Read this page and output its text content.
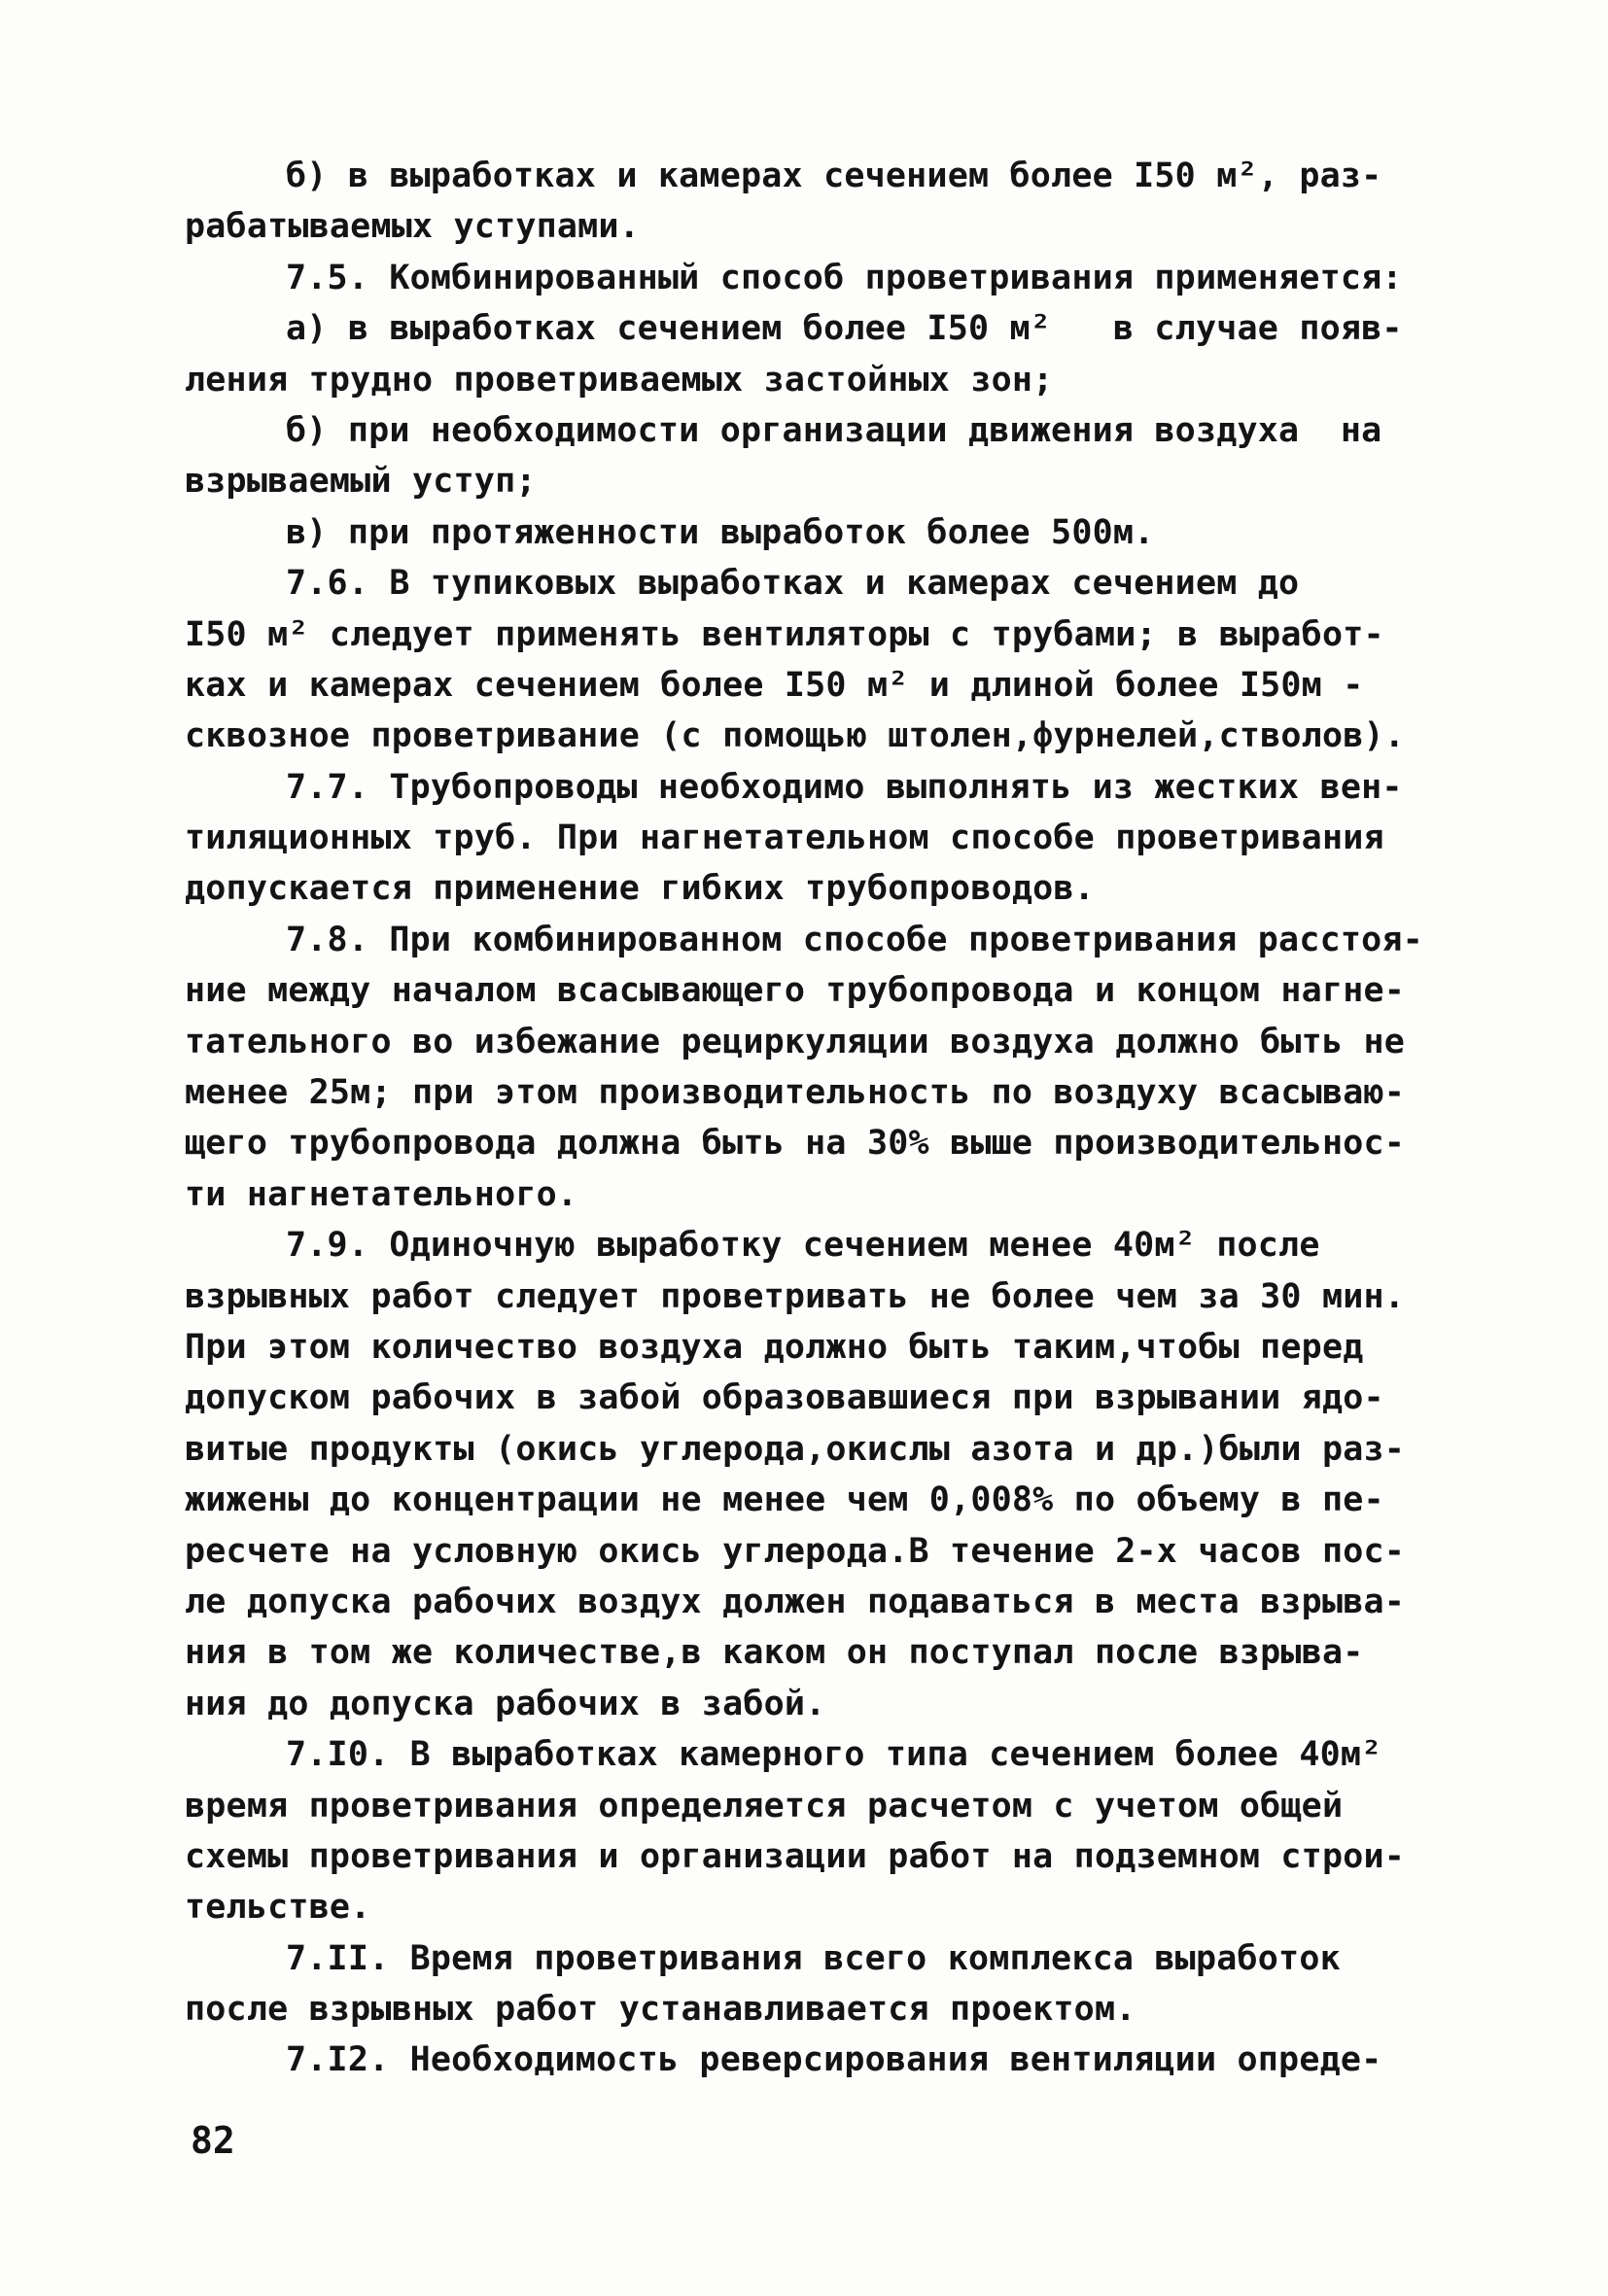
б) в выработках и камерах сечением более I50 м², раз-
рабатываемых уступами.
7.5. Комбинированный способ проветривания применяется:
а) в выработках сечением более I50 м²   в случае появ-
ления трудно проветриваемых застойных зон;
б) при необходимости организации движения воздуха  на
взрываемый уступ;
в) при протяженности выработок более 500м.
7.6. В тупиковых выработках и камерах сечением до
I50 м² следует применять вентиляторы с трубами; в выработ-
ках и камерах сечением более I50 м² и длиной более I50м -
сквозное проветривание (с помощью штолен,фурнелей,стволов).
7.7. Трубопроводы необходимо выполнять из жестких вен-
тиляционных труб. При нагнетательном способе проветривания
допускается применение гибких трубопроводов.
7.8. При комбинированном способе проветривания расстоя-
ние между началом всасывающего трубопровода и концом нагне-
тательного во избежание рециркуляции воздуха должно быть не
менее 25м; при этом производительность по воздуху всасываю-
щего трубопровода должна быть на 30% выше производительнос-
ти нагнетательного.
7.9. Одиночную выработку сечением менее 40м² после
взрывных работ следует проветривать не более чем за 30 мин.
При этом количество воздуха должно быть таким,чтобы перед
допуском рабочих в забой образовавшиеся при взрывании ядо-
витые продукты (окись углерода,окислы азота и др.)были раз-
жижены до концентрации не менее чем 0,008% по объему в пе-
ресчете на условную окись углерода.В течение 2-х часов пос-
ле допуска рабочих воздух должен подаваться в места взрыва-
ния в том же количестве,в каком он поступал после взрыва-
ния до допуска рабочих в забой.
7.I0. В выработках камерного типа сечением более 40м²
время проветривания определяется расчетом с учетом общей
схемы проветривания и организации работ на подземном строи-
тельстве.
7.II. Время проветривания всего комплекса выработок
после взрывных работ устанавливается проектом.
7.I2. Необходимость реверсирования вентиляции опреде-
82
